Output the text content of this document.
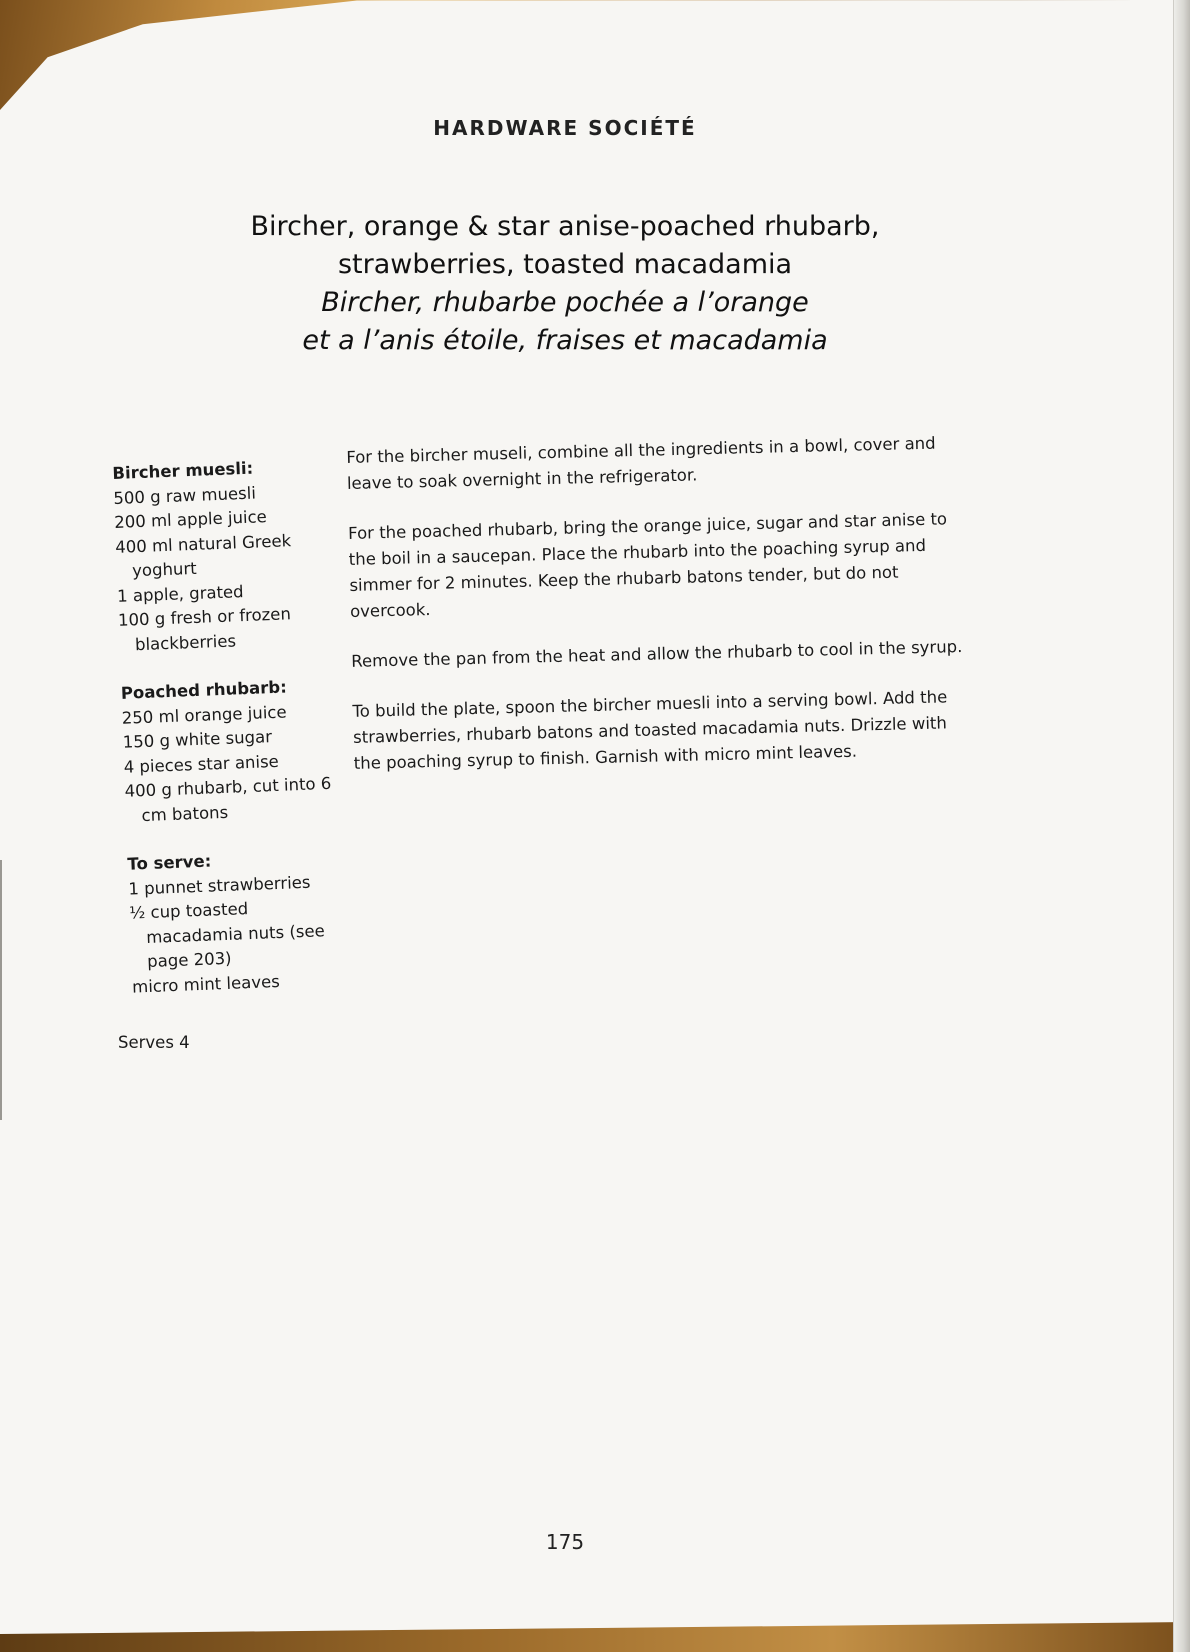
HARDWARE SOCIÉTÉ
Bircher, orange & star anise-poached rhubarb,
strawberries, toasted macadamia
Bircher, rhubarbe pochée a l’orange
et a l’anis étoile, fraises et macadamia
Bircher muesli:
500 g raw muesli
200 ml apple juice
400 ml natural Greek yoghurt
1 apple, grated
100 g fresh or frozen blackberries
Poached rhubarb:
250 ml orange juice
150 g white sugar
4 pieces star anise
400 g rhubarb, cut into 6 cm batons
To serve:
1 punnet strawberries
½ cup toasted macadamia nuts (see page 203)
micro mint leaves
Serves 4

For the bircher museli, combine all the ingredients in a bowl, cover and leave to soak overnight in the refrigerator.

For the poached rhubarb, bring the orange juice, sugar and star anise to the boil in a saucepan. Place the rhubarb into the poaching syrup and simmer for 2 minutes. Keep the rhubarb batons tender, but do not overcook.

Remove the pan from the heat and allow the rhubarb to cool in the syrup.

To build the plate, spoon the bircher muesli into a serving bowl. Add the strawberries, rhubarb batons and toasted macadamia nuts. Drizzle with the poaching syrup to finish. Garnish with micro mint leaves.

175
